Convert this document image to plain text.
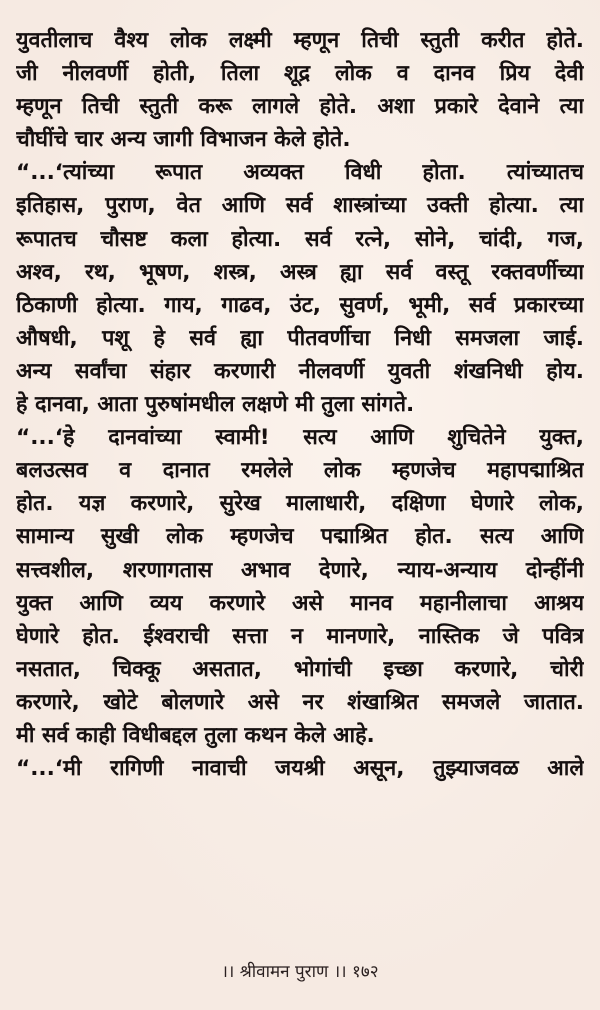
युवतीलाच वैश्य लोक लक्ष्मी म्हणून तिची स्तुती करीत होते.
जी नीलवर्णी होती, तिला शूद्र लोक व दानव प्रिय देवी
म्हणून तिची स्तुती करू लागले होते. अशा प्रकारे देवाने त्या
चौघींचे चार अन्य जागी विभाजन केले होते.
“...‘त्यांच्या रूपात अव्यक्त विधी होता. त्यांच्यातच
इतिहास, पुराण, वेत आणि सर्व शास्त्रांच्या उक्ती होत्या. त्या
रूपातच चौसष्ट कला होत्या. सर्व रत्ने, सोने, चांदी, गज,
अश्व, रथ, भूषण, शस्त्र, अस्त्र ह्या सर्व वस्तू रक्तवर्णीच्या
ठिकाणी होत्या. गाय, गाढव, उंट, सुवर्ण, भूमी, सर्व प्रकारच्या
औषधी, पशू हे सर्व ह्या पीतवर्णीचा निधी समजला जाई.
अन्य सर्वांचा संहार करणारी नीलवर्णी युवती शंखनिधी होय.
हे दानवा, आता पुरुषांमधील लक्षणे मी तुला सांगते.
“...‘हे दानवांच्या स्वामी! सत्य आणि शुचितेने युक्त,
बलउत्सव व दानात रमलेले लोक म्हणजेच महापद्माश्रित
होत. यज्ञ करणारे, सुरेख मालाधारी, दक्षिणा घेणारे लोक,
सामान्य सुखी लोक म्हणजेच पद्माश्रित होत. सत्य आणि
सत्त्वशील, शरणागतास अभाव देणारे, न्याय-अन्याय दोन्हींनी
युक्त आणि व्यय करणारे असे मानव महानीलाचा आश्रय
घेणारे होत. ईश्वराची सत्ता न मानणारे, नास्तिक जे पवित्र
नसतात, चिक्कू असतात, भोगांची इच्छा करणारे, चोरी
करणारे, खोटे बोलणारे असे नर शंखाश्रित समजले जातात.
मी सर्व काही विधीबद्दल तुला कथन केले आहे.
“...‘मी रागिणी नावाची जयश्री असून, तुझ्याजवळ आले
।। श्रीवामन पुराण ।। १७२
